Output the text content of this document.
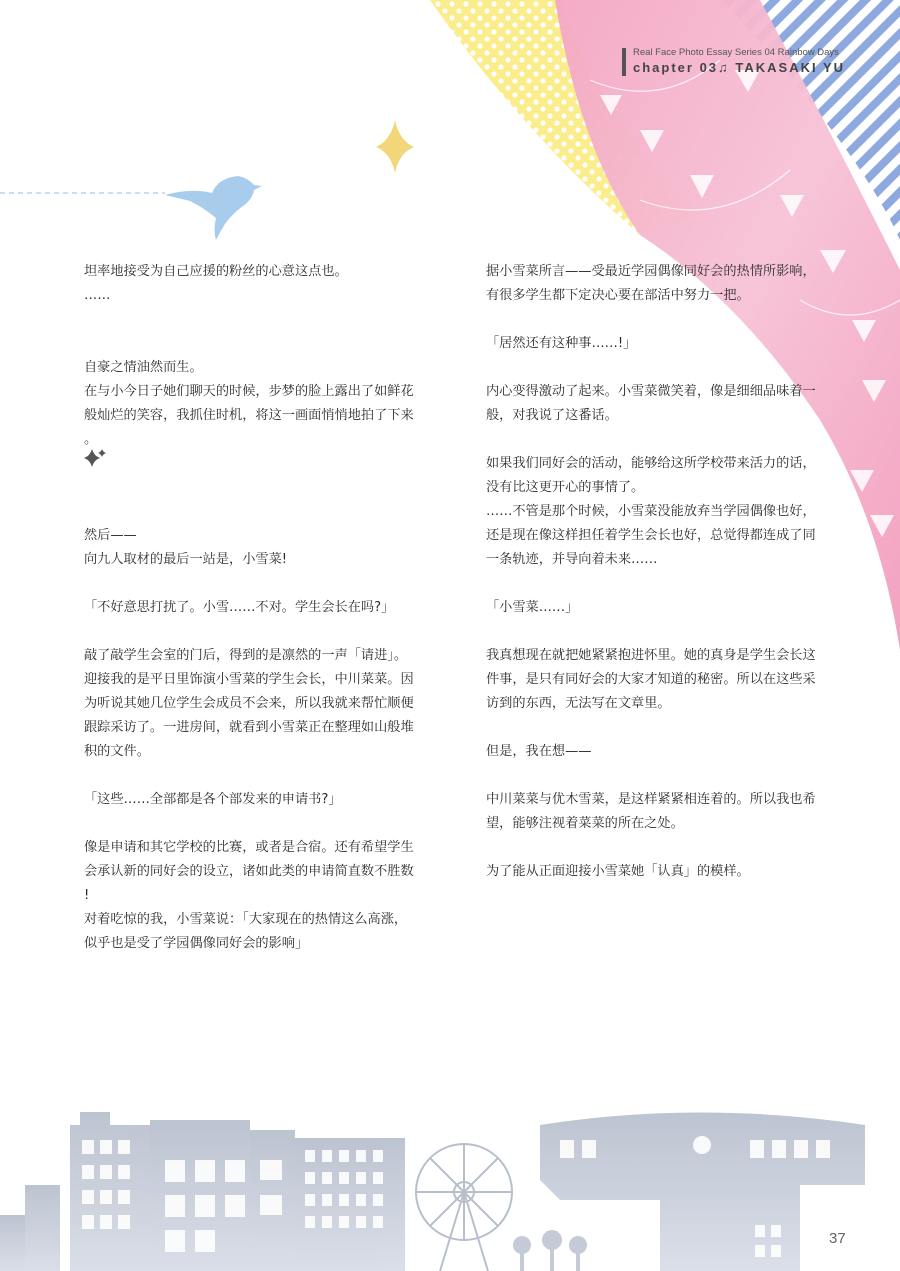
Real Face Photo Essay Series 04 Rainbow Days
chapter 03♫ TAKASAKI YU

坦率地接受为自己应援的粉丝的心意这点也。

……

自豪之情油然而生。

在与小今日子她们聊天的时候，步梦的脸上露出了如鲜花

般灿烂的笑容，我抓住时机，将这一画面悄悄地拍了下来

。

然后——

向九人取材的最后一站是，小雪菜!

「不好意思打扰了。小雪……不对。学生会长在吗?」

敲了敲学生会室的门后，得到的是凛然的一声「请进」。

迎接我的是平日里饰演小雪菜的学生会长，中川菜菜。因

为听说其她几位学生会成员不会来，所以我就来帮忙顺便

跟踪采访了。一进房间，就看到小雪菜正在整理如山般堆

积的文件。

「这些……全部都是各个部发来的申请书?」

像是申请和其它学校的比赛，或者是合宿。还有希望学生

会承认新的同好会的设立，诸如此类的申请简直数不胜数

!

对着吃惊的我，小雪菜说：「大家现在的热情这么高涨，

似乎也是受了学园偶像同好会的影响」

据小雪菜所言——受最近学园偶像同好会的热情所影响，

有很多学生都下定决心要在部活中努力一把。

「居然还有这种事……!」

内心变得激动了起来。小雪菜微笑着，像是细细品味着一

般，对我说了这番话。

如果我们同好会的活动，能够给这所学校带来活力的话，

没有比这更开心的事情了。

……不管是那个时候，小雪菜没能放弃当学园偶像也好，

还是现在像这样担任着学生会长也好，总觉得都连成了同

一条轨迹，并导向着未来……

「小雪菜……」

我真想现在就把她紧紧抱进怀里。她的真身是学生会长这

件事，是只有同好会的大家才知道的秘密。所以在这些采

访到的东西，无法写在文章里。

但是，我在想——

中川菜菜与优木雪菜，是这样紧紧相连着的。所以我也希

望，能够注视着菜菜的所在之处。

为了能从正面迎接小雪菜她「认真」的模样。

37
